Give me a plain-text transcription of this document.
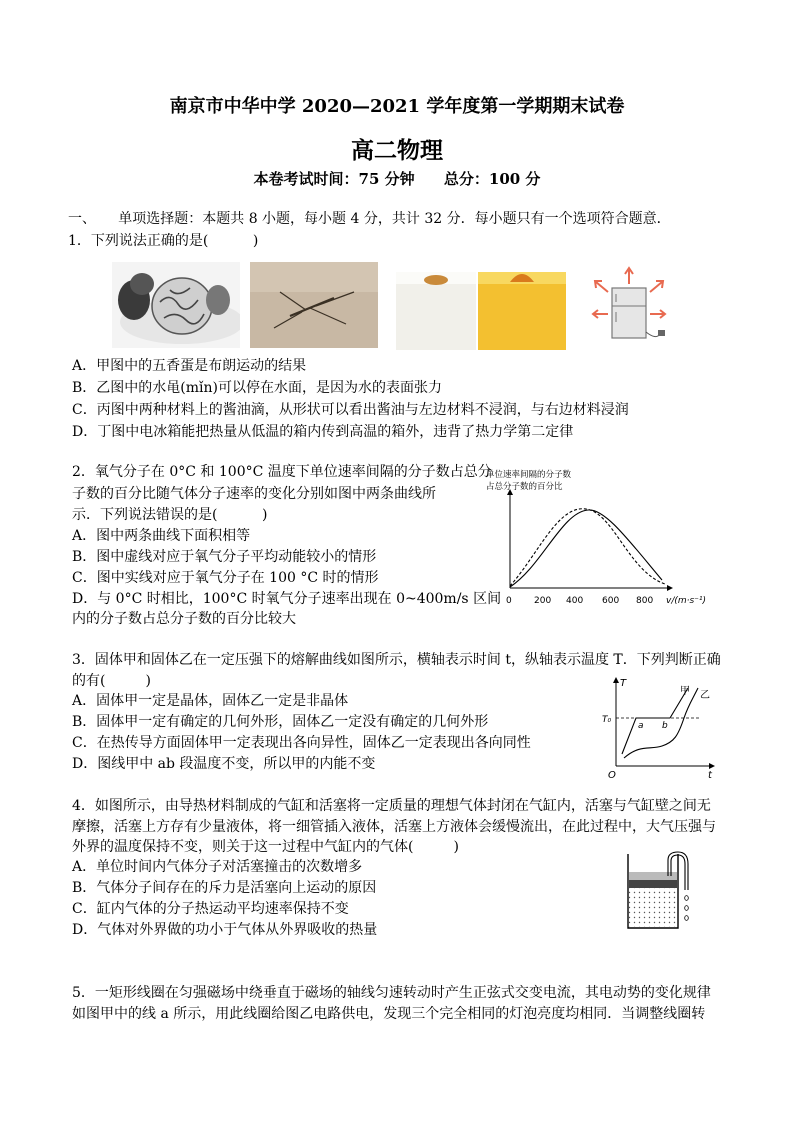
南京市中华中学 2020—2021 学年度第一学期期末试卷
高二物理
本卷考试时间：75 分钟 总分：100 分
一、     单项选择题：本题共 8 小题，每小题 4 分，共计 32 分．每小题只有一个选项符合题意．
1．下列说法正确的是(          )
A．甲图中的五香蛋是布朗运动的结果
B．乙图中的水黾(mǐn)可以停在水面，是因为水的表面张力
C．丙图中两种材料上的酱油滴，从形状可以看出酱油与左边材料不浸润，与右边材料浸润
D．丁图中电冰箱能把热量从低温的箱内传到高温的箱外，违背了热力学第二定律
2．氧气分子在 0°C 和 100°C 温度下单位速率间隔的分子数占总分
子数的百分比随气体分子速率的变化分别如图中两条曲线所
示．下列说法错误的是(          )
A．图中两条曲线下面积相等
B．图中虚线对应于氧气分子平均动能较小的情形
C．图中实线对应于氧气分子在 100 °C 时的情形
D．与 0°C 时相比，100°C 时氧气分子速率出现在 0~400m/s 区间
内的分子数占总分子数的百分比较大
单位速率间隔的分子数
占总分子数的百分比
0 200 400 600 800 v/(m·s⁻¹)
3．固体甲和固体乙在一定压强下的熔解曲线如图所示，横轴表示时间 t，纵轴表示温度 T．下列判断正确
的有(         )
A．固体甲一定是晶体，固体乙一定是非晶体
B．固体甲一定有确定的几何外形，固体乙一定没有确定的几何外形
C．在热传导方面固体甲一定表现出各向异性，固体乙一定表现出各向同性
D．图线甲中 ab 段温度不变，所以甲的内能不变
T
t
O
T₀
a b
甲 乙
4．如图所示，由导热材料制成的气缸和活塞将一定质量的理想气体封闭在气缸内，活塞与气缸壁之间无
摩擦，活塞上方存有少量液体，将一细管插入液体，活塞上方液体会缓慢流出，在此过程中，大气压强与
外界的温度保持不变，则关于这一过程中气缸内的气体(         )
A．单位时间内气体分子对活塞撞击的次数增多
B．气体分子间存在的斥力是活塞向上运动的原因
C．缸内气体的分子热运动平均速率保持不变
D．气体对外界做的功小于气体从外界吸收的热量
5．一矩形线圈在匀强磁场中绕垂直于磁场的轴线匀速转动时产生正弦式交变电流，其电动势的变化规律
如图甲中的线 a 所示，用此线圈给图乙电路供电，发现三个完全相同的灯泡亮度均相同．当调整线圈转
